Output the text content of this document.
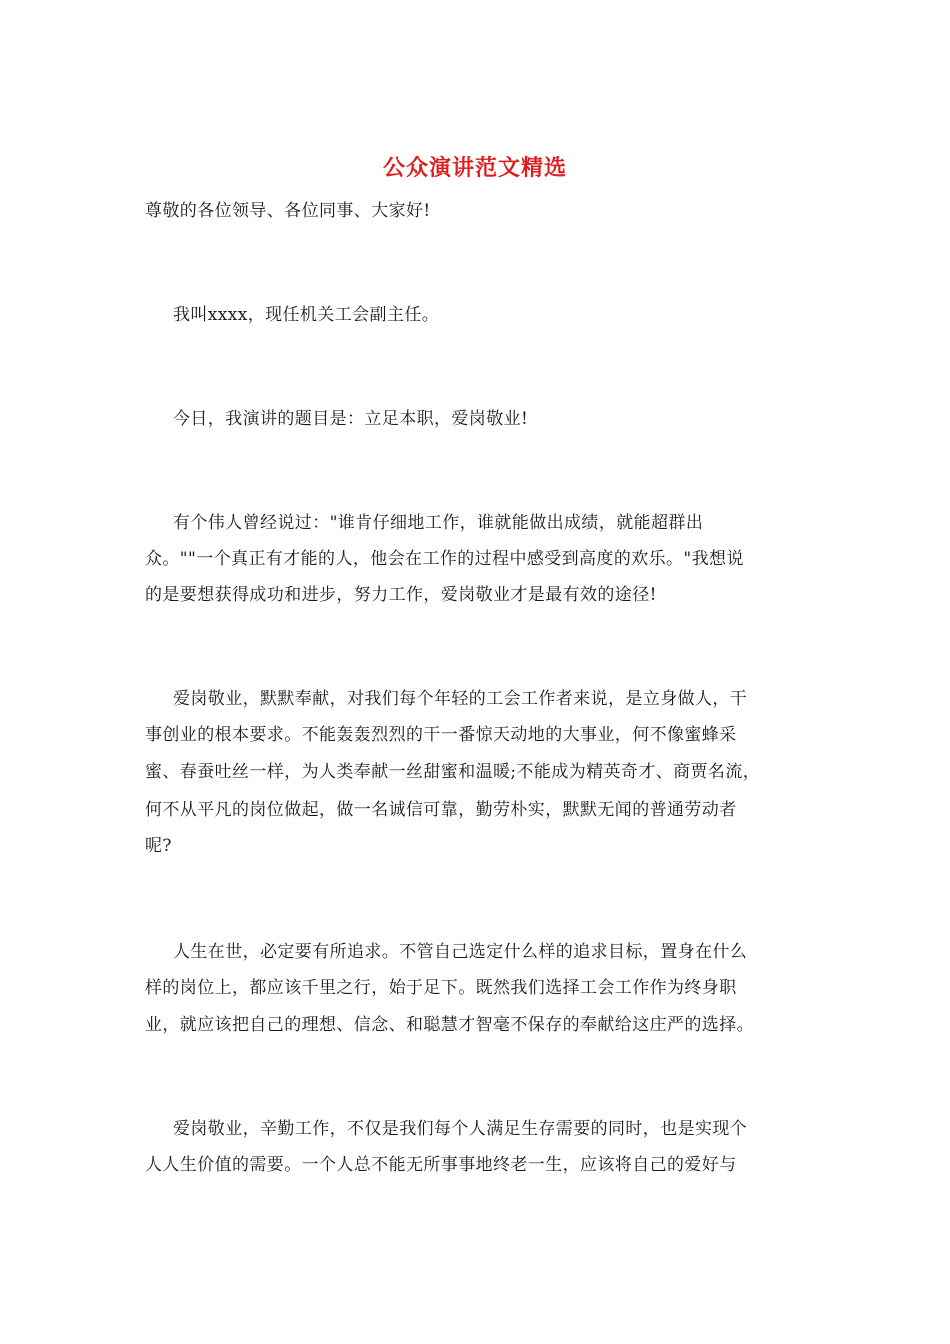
公众演讲范文精选
尊敬的各位领导、各位同事、大家好!
我叫xxxx，现任机关工会副主任。
今日，我演讲的题目是：立足本职，爱岗敬业!
有个伟人曾经说过："谁肯仔细地工作，谁就能做出成绩，就能超群出
众。""一个真正有才能的人，他会在工作的过程中感受到高度的欢乐。"我想说
的是要想获得成功和进步，努力工作，爱岗敬业才是最有效的途径!
爱岗敬业，默默奉献，对我们每个年轻的工会工作者来说，是立身做人，干
事创业的根本要求。不能轰轰烈烈的干一番惊天动地的大事业，何不像蜜蜂采
蜜、春蚕吐丝一样，为人类奉献一丝甜蜜和温暖;不能成为精英奇才、商贾名流，
何不从平凡的岗位做起，做一名诚信可靠，勤劳朴实，默默无闻的普通劳动者
呢?
人生在世，必定要有所追求。不管自己选定什么样的追求目标，置身在什么
样的岗位上，都应该千里之行，始于足下。既然我们选择工会工作作为终身职
业，就应该把自己的理想、信念、和聪慧才智毫不保存的奉献给这庄严的选择。
爱岗敬业，辛勤工作，不仅是我们每个人满足生存需要的同时，也是实现个
人人生价值的需要。一个人总不能无所事事地终老一生，应该将自己的爱好与
